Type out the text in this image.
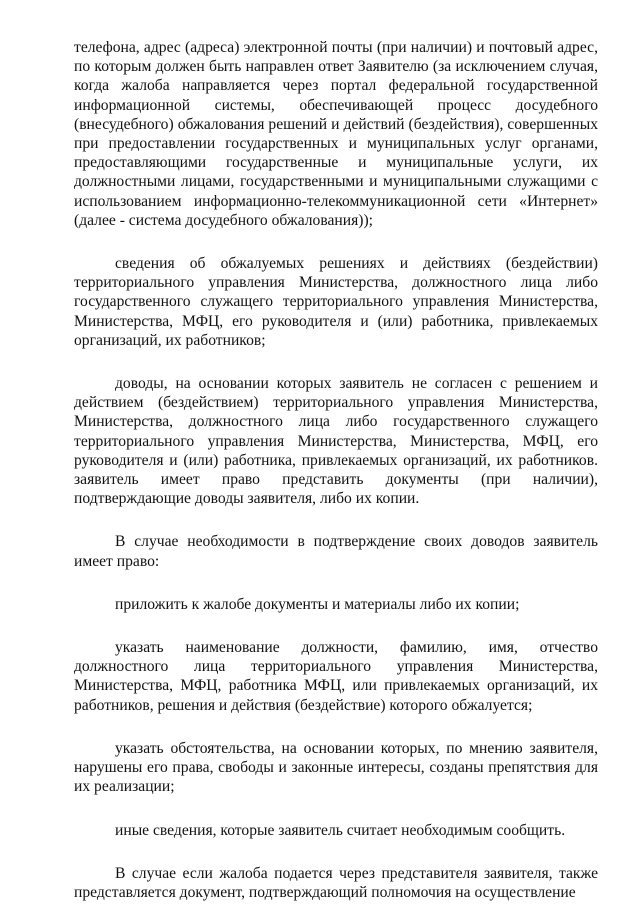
телефона, адрес (адреса) электронной почты (при наличии) и почтовый адрес, по которым должен быть направлен ответ Заявителю (за исключением случая, когда жалоба направляется через портал федеральной государственной информационной системы, обеспечивающей процесс досудебного (внесудебного) обжалования решений и действий (бездействия), совершенных при предоставлении государственных и муниципальных услуг органами, предоставляющими государственные и муниципальные услуги, их должностными лицами, государственными и муниципальными служащими с использованием информационно-телекоммуникационной сети «Интернет» (далее - система досудебного обжалования));

сведения об обжалуемых решениях и действиях (бездействии) территориального управления Министерства, должностного лица либо государственного служащего территориального управления Министерства, Министерства, МФЦ, его руководителя и (или) работника, привлекаемых организаций, их работников;

доводы, на основании которых заявитель не согласен с решением и действием (бездействием) территориального управления Министерства, Министерства, должностного лица либо государственного служащего территориального управления Министерства, Министерства, МФЦ, его руководителя и (или) работника, привлекаемых организаций, их работников. заявитель имеет право представить документы (при наличии), подтверждающие доводы заявителя, либо их копии.

В случае необходимости в подтверждение своих доводов заявитель имеет право:

приложить к жалобе документы и материалы либо их копии;

указать наименование должности, фамилию, имя, отчество должностного лица территориального управления Министерства, Министерства, МФЦ, работника МФЦ, или привлекаемых организаций, их работников, решения и действия (бездействие) которого обжалуется;

указать обстоятельства, на основании которых, по мнению заявителя, нарушены его права, свободы и законные интересы, созданы препятствия для их реализации;

иные сведения, которые заявитель считает необходимым сообщить.

В случае если жалоба подается через представителя заявителя, также представляется документ, подтверждающий полномочия на осуществление
